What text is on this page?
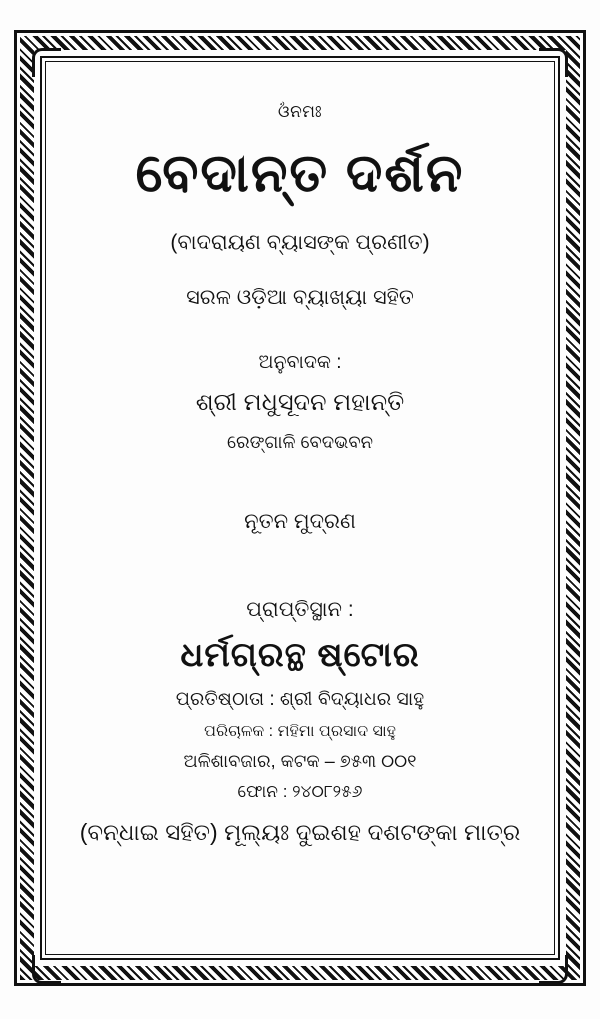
ଓଁନମଃ
ବେଦାନ୍ତ ଦର୍ଶନ
(ବାଦରାୟଣ ବ୍ୟାସଙ୍କ ପ୍ରଣୀତ)
ସରଳ ଓଡ଼ିଆ ବ୍ୟାଖ୍ୟା ସହିତ
ଅନୁବାଦକ :
ଶ୍ରୀ ମଧୁସୂଦନ ମହାନ୍ତି
ରେଙ୍ଗାଳି ବେଦଭବନ
ନୂତନ ମୁଦ୍ରଣ
ପ୍ରାପ୍ତିସ୍ଥାନ :
ଧର୍ମଗ୍ରନ୍ଥ ଷ୍ଟୋର
ପ୍ରତିଷ୍ଠାତା : ଶ୍ରୀ ବିଦ୍ୟାଧର ସାହୁ
ପରିଚାଳକ : ମହିମା ପ୍ରସାଦ ସାହୁ
ଅଳିଶାବଜାର, କଟକ – ୭୫୩ ୦୦୧
ଫୋନ : ୨୪୦୮୨୫୬
(ବନ୍ଧାଇ ସହିତ) ମୂଲ୍ୟଃ ଦୁଇଶହ ଦଶଟଙ୍କା ମାତ୍ର
